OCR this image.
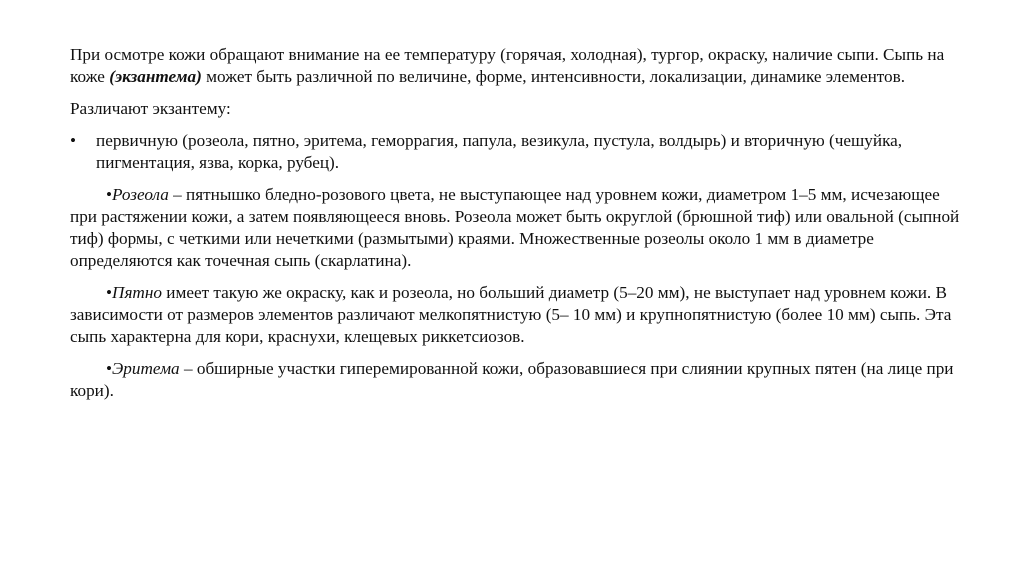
При осмотре кожи обращают внимание на ее температуру (горячая, холодная), тургор, окраску, наличие сыпи. Сыпь на коже (экзантема) может быть различной по величине, форме, интенсивности, локализации, динамике элементов.

Различают экзантему:

•	первичную (розеола, пятно, эритема, геморрагия, папула, везикула, пустула, волдырь) и вторичную (чешуйка, пигментация, язва, корка, рубец).

•Розеола – пятнышко бледно-розового цвета, не выступающее над уровнем кожи, диаметром 1–5 мм, исчезающее при растяжении кожи, а затем появляющееся вновь. Розеола может быть округлой (брюшной тиф) или овальной (сыпной тиф) формы, с четкими или нечеткими (размытыми) краями. Множественные розеолы около 1 мм в диаметре определяются как точечная сыпь (скарлатина).

•Пятно имеет такую же окраску, как и розеола, но больший диаметр (5–20 мм), не выступает над уровнем кожи. В зависимости от размеров элементов различают мелкопятнистую (5– 10 мм) и крупнопятнистую (более 10 мм) сыпь. Эта сыпь характерна для кори, краснухи, клещевых риккетсиозов.

•Эритема – обширные участки гиперемированной кожи, образовавшиеся при слиянии крупных пятен (на лице при кори).
